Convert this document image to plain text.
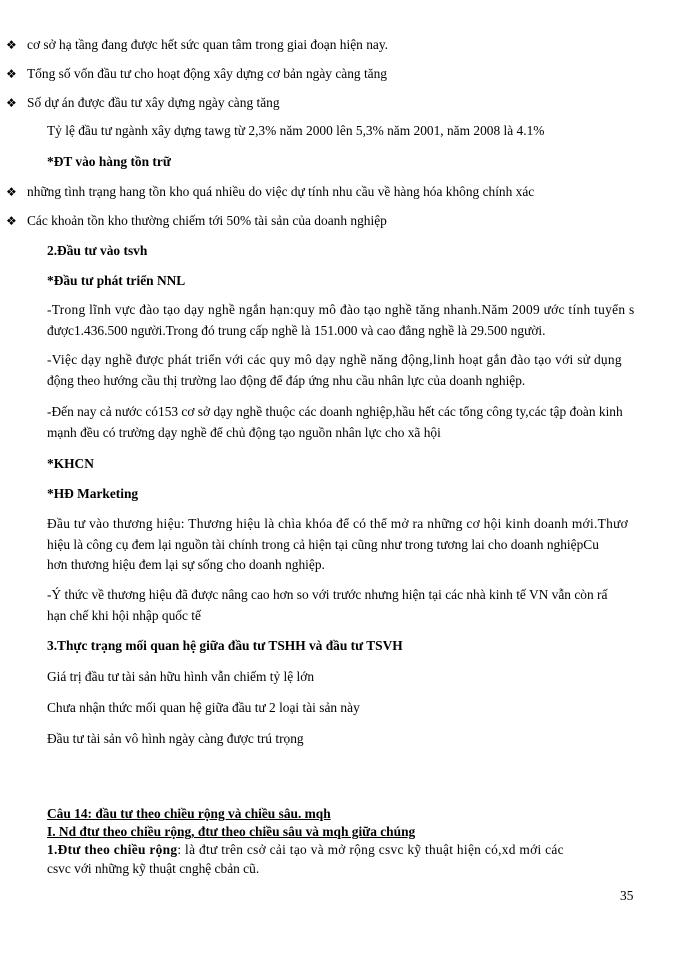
❖ cơ sở hạ tầng đang được hết sức quan tâm trong giai đoạn hiện nay.
❖ Tổng số vốn đầu tư cho hoạt động xây dựng cơ bản ngày càng tăng
❖ Số dự án được đầu tư xây dựng ngày càng tăng
Tỷ lệ đầu tư ngành xây dựng tawg từ 2,3% năm 2000 lên 5,3% năm 2001, năm 2008 là 4.1%
*ĐT vào hàng tồn trữ
❖ những tình trạng hang tồn kho quá nhiều do việc dự tính nhu cầu về hàng hóa không chính xác
❖ Các khoản tồn kho thường chiếm tới 50% tài sản của doanh nghiệp
2.Đầu tư vào tsvh
*Đầu tư phát triển NNL
-Trong lĩnh vực đào tạo dạy nghề ngắn hạn:quy mô đào tạo nghề tăng nhanh.Năm 2009 ước tính tuyển s
được1.436.500 người.Trong đó trung cấp nghề là 151.000 và cao đẳng nghề là 29.500 người.
-Việc dạy nghề được phát triển với các quy mô dạy nghề năng động,linh hoạt gắn đào tạo với sử dụng
động theo hướng cầu thị trường lao động để đáp ứng nhu cầu nhân lực của doanh nghiệp.
-Đến nay cả nước có153 cơ sở dạy nghề thuộc các doanh nghiệp,hầu hết các tổng công ty,các tập đoàn kinh
mạnh đều có trường dạy nghề để chủ động tạo nguồn nhân lực cho xã hội
*KHCN
*HĐ Marketing
Đầu tư vào thương hiệu: Thương hiệu là chìa khóa để có thể mở ra những cơ hội kinh doanh mới.Thươ
hiệu là công cụ đem lại nguồn tài chính trong cả hiện tại cũng như trong tương lai cho doanh nghiệpCu
hơn thương hiệu đem lại sự sống cho doanh nghiệp.
-Ý thức về thương hiệu đã được nâng cao hơn so với trước nhưng hiện tại các nhà kinh tế VN vẫn còn rấ
hạn chế khi hội nhập quốc tế
3.Thực trạng mối quan hệ giữa đầu tư TSHH và đầu tư TSVH
Giá trị đầu tư tài sản hữu hình vẫn chiếm tỷ lệ lớn
Chưa nhận thức mối quan hệ giữa đầu tư 2 loại tài sản này
Đầu tư tài sản vô hình ngày càng được trú trọng
Câu 14: đầu tư theo chiều rộng và chiều sâu. mqh
I. Nd đtư theo chiều rộng, đtư theo chiều sâu và mqh giữa chúng
1.Đtư theo chiều rộng: là đtư trên csở cải tạo và mở rộng csvc kỹ thuật hiện có,xd mới các
csvc với những kỹ thuật cnghệ cbản cũ.
35
